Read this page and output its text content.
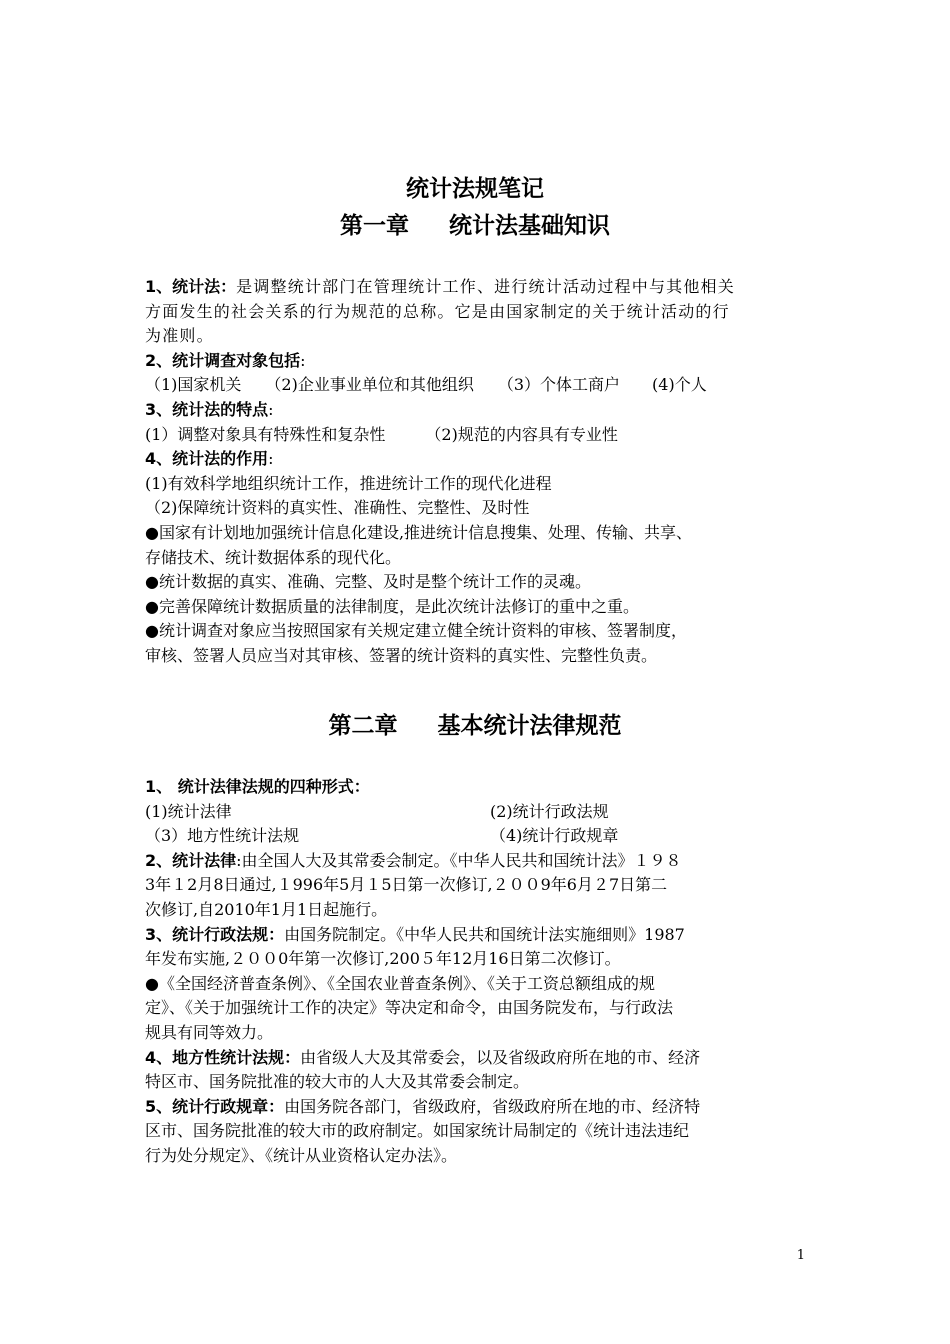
统计法规笔记
第一章 统计法基础知识
1、统计法：是调整统计部门在管理统计工作、进行统计活动过程中与其他相关
方面发生的社会关系的行为规范的总称。它是由国家制定的关于统计活动的行
为准则。
2、统计调查对象包括:
（1)国家机关　　（2)企业事业单位和其他组织　　（3）个体工商户　　(4)个人
3、统计法的特点:
(1）调整对象具有特殊性和复杂性　　　（2)规范的内容具有专业性
4、统计法的作用:
(1)有效科学地组织统计工作，推进统计工作的现代化进程
（2)保障统计资料的真实性、准确性、完整性、及时性
●国家有计划地加强统计信息化建设,推进统计信息搜集、处理、传输、共享、
存储技术、统计数据体系的现代化。
●统计数据的真实、准确、完整、及时是整个统计工作的灵魂。
●完善保障统计数据质量的法律制度，是此次统计法修订的重中之重。
●统计调查对象应当按照国家有关规定建立健全统计资料的审核、签署制度，
审核、签署人员应当对其审核、签署的统计资料的真实性、完整性负责。
第二章 基本统计法律规范
1、 统计法律法规的四种形式：
(1)统计法律	(2)统计行政法规
（3）地方性统计法规	（4)统计行政规章
2、统计法律:由全国人大及其常委会制定。《中华人民共和国统计法》１９８
3年１2月8日通过,１996年5月１5日第一次修订,２００9年6月２7日第二
次修订,自2010年1月1日起施行。
3、统计行政法规：由国务院制定。《中华人民共和国统计法实施细则》1987
年发布实施,２００0年第一次修订,200５年12月16日第二次修订。
●《全国经济普查条例》、《全国农业普查条例》、《关于工资总额组成的规
定》、《关于加强统计工作的决定》等决定和命令，由国务院发布，与行政法
规具有同等效力。
4、地方性统计法规：由省级人大及其常委会，以及省级政府所在地的市、经济
特区市、国务院批准的较大市的人大及其常委会制定。
5、统计行政规章：由国务院各部门，省级政府，省级政府所在地的市、经济特
区市、国务院批准的较大市的政府制定。如国家统计局制定的《统计违法违纪
行为处分规定》、《统计从业资格认定办法》。
1
